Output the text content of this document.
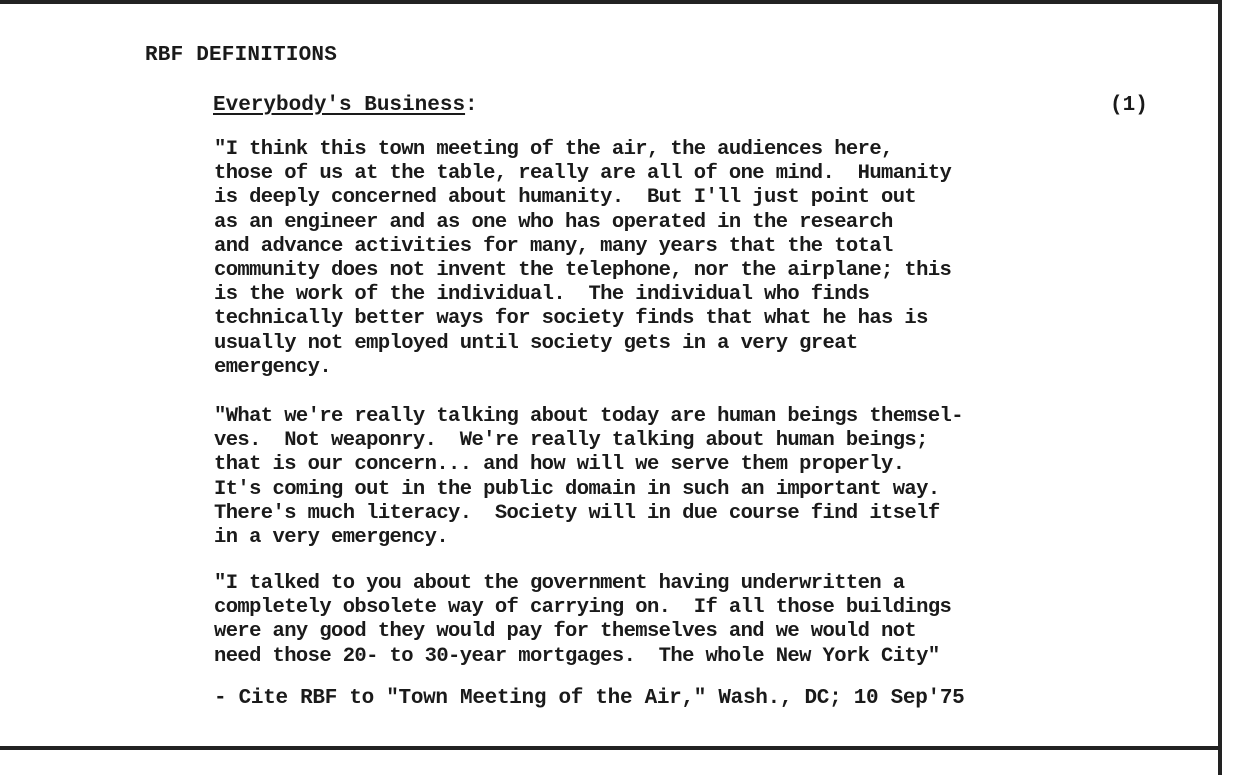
RBF DEFINITIONS
Everybody's Business:	(1)
"I think this town meeting of the air, the audiences here,
those of us at the table, really are all of one mind.  Humanity
is deeply concerned about humanity.  But I'll just point out
as an engineer and as one who has operated in the research
and advance activities for many, many years that the total
community does not invent the telephone, nor the airplane; this
is the work of the individual.  The individual who finds
technically better ways for society finds that what he has is
usually not employed until society gets in a very great
emergency.
"What we're really talking about today are human beings themsel-
ves.  Not weaponry.  We're really talking about human beings;
that is our concern... and how will we serve them properly.
It's coming out in the public domain in such an important way.
There's much literacy.  Society will in due course find itself
in a very emergency.
"I talked to you about the government having underwritten a
completely obsolete way of carrying on.  If all those buildings
were any good they would pay for themselves and we would not
need those 20- to 30-year mortgages.  The whole New York City"
- Cite RBF to "Town Meeting of the Air," Wash., DC; 10 Sep'75
